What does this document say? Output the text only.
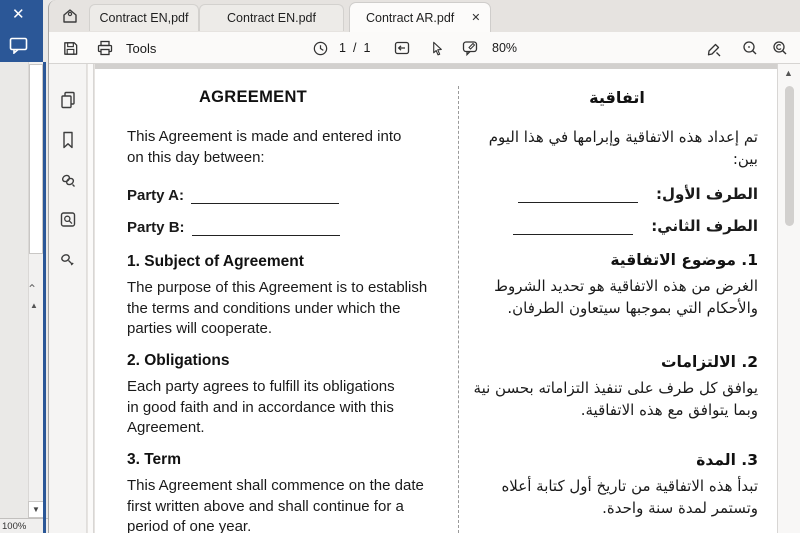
✕
⌃
▲
▼
100%
Contract EN,pdf	Contract EN.pdf	Contract AR.pdf ✕
Tools	1 / 1	80%
AGREEMENT
This Agreement is made and entered into
on this day between:
Party A:
Party B:
1. Subject of Agreement
The purpose of this Agreement is to establish
the terms and conditions under which the
parties will cooperate.
2. Obligations
Each party agrees to fulfill its obligations
in good faith and in accordance with this
Agreement.
3. Term
This Agreement shall commence on the date
first written above and shall continue for a
period of one year.
اتفاقية
تم إعداد هذه الاتفاقية وإبرامها في هذا اليوم بين:
الطرف الأول:
الطرف الثاني:
1. موضوع الاتفاقية
الغرض من هذه الاتفاقية هو تحديد الشروط
والأحكام التي بموجبها سيتعاون الطرفان.
2. الالتزامات
يوافق كل طرف على تنفيذ التزاماته بحسن نية
وبما يتوافق مع هذه الاتفاقية.
3. المدة
تبدأ هذه الاتفاقية من تاريخ أول كتابة أعلاه
وتستمر لمدة سنة واحدة.
▲
